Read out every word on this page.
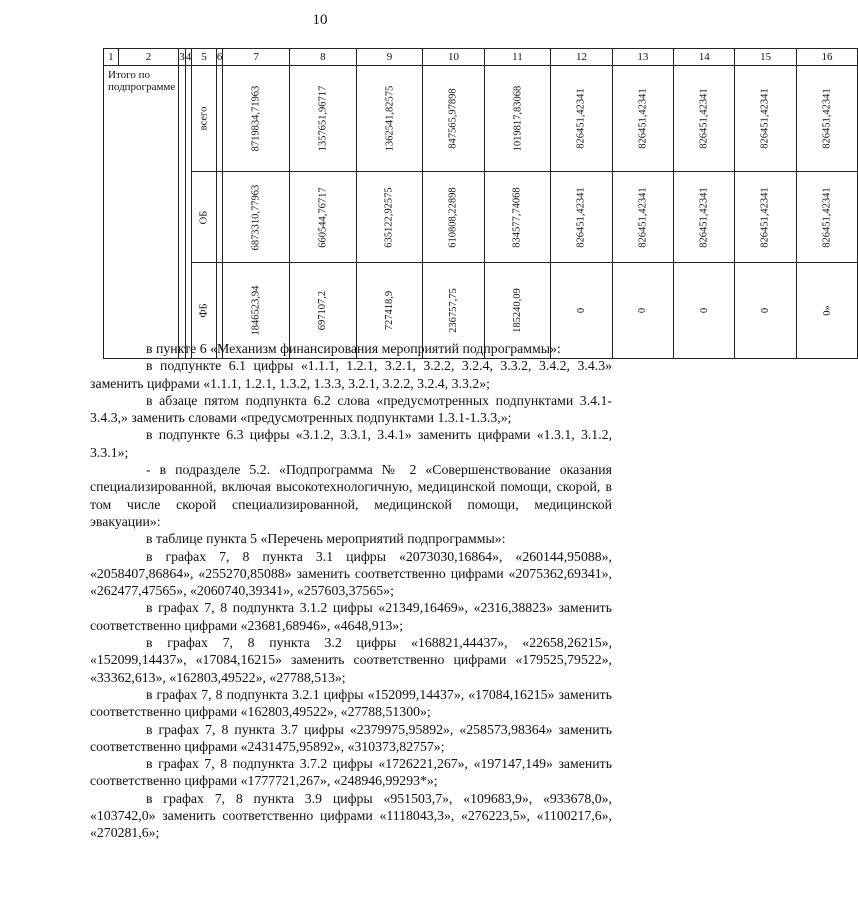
10
1	2	3	4	5	6	7	8	9	10	11	12	13	14	15	16
Итого по подпрограмме				всего		8719834,71963	1357651,96717	1362541,82575	847565,97898	1019817,83068	826451,42341	826451,42341	826451,42341	826451,42341	826451,42341
				ОБ		6873310,77963	660544,76717	635122,92575	610808,22898	834577,74068	826451,42341	826451,42341	826451,42341	826451,42341	826451,42341
				ФБ		1846523,94	697107,2	727418,9	236757,75	185240,09	0	0	0	0	0»

в пункте 6 «Механизм финансирования мероприятий подпрограммы»:

в подпункте 6.1 цифры «1.1.1, 1.2.1, 3.2.1, 3.2.2, 3.2.4, 3.3.2, 3.4.2, 3.4.3» заменить цифрами «1.1.1, 1.2.1, 1.3.2, 1.3.3, 3.2.1, 3.2.2, 3.2.4, 3.3.2»;

в абзаце пятом подпункта 6.2 слова «предусмотренных подпунктами 3.4.1-3.4.3,» заменить словами «предусмотренных подпунктами 1.3.1-1.3.3,»;

в подпункте 6.3 цифры «3.1.2, 3.3.1, 3.4.1» заменить цифрами «1.3.1, 3.1.2, 3.3.1»;

- в подразделе 5.2. «Подпрограмма № 2 «Совершенствование оказания специализированной, включая высокотехнологичную, медицинской помощи, скорой, в том числе скорой специализированной, медицинской помощи, медицинской эвакуации»:

в таблице пункта 5 «Перечень мероприятий подпрограммы»:

в графах 7, 8 пункта 3.1 цифры «2073030,16864», «260144,95088», «2058407,86864», «255270,85088» заменить соответственно цифрами «2075362,69341», «262477,47565», «2060740,39341», «257603,37565»;

в графах 7, 8 подпункта 3.1.2 цифры «21349,16469», «2316,38823» заменить соответственно цифрами «23681,68946», «4648,913»;

в графах 7, 8 пункта 3.2 цифры «168821,44437», «22658,26215», «152099,14437», «17084,16215» заменить соответственно цифрами «179525,79522», «33362,613», «162803,49522», «27788,513»;

в графах 7, 8 подпункта 3.2.1 цифры «152099,14437», «17084,16215» заменить соответственно цифрами «162803,49522», «27788,51300»;

в графах 7, 8 пункта 3.7 цифры «2379975,95892», «258573,98364» заменить соответственно цифрами «2431475,95892», «310373,82757»;

в графах 7, 8 подпункта 3.7.2 цифры «1726221,267», «197147,149» заменить соответственно цифрами «1777721,267», «248946,99293*»;

в графах 7, 8 пункта 3.9 цифры «951503,7», «109683,9», «933678,0», «103742,0» заменить соответственно цифрами «1118043,3», «276223,5», «1100217,6», «270281,6»;
